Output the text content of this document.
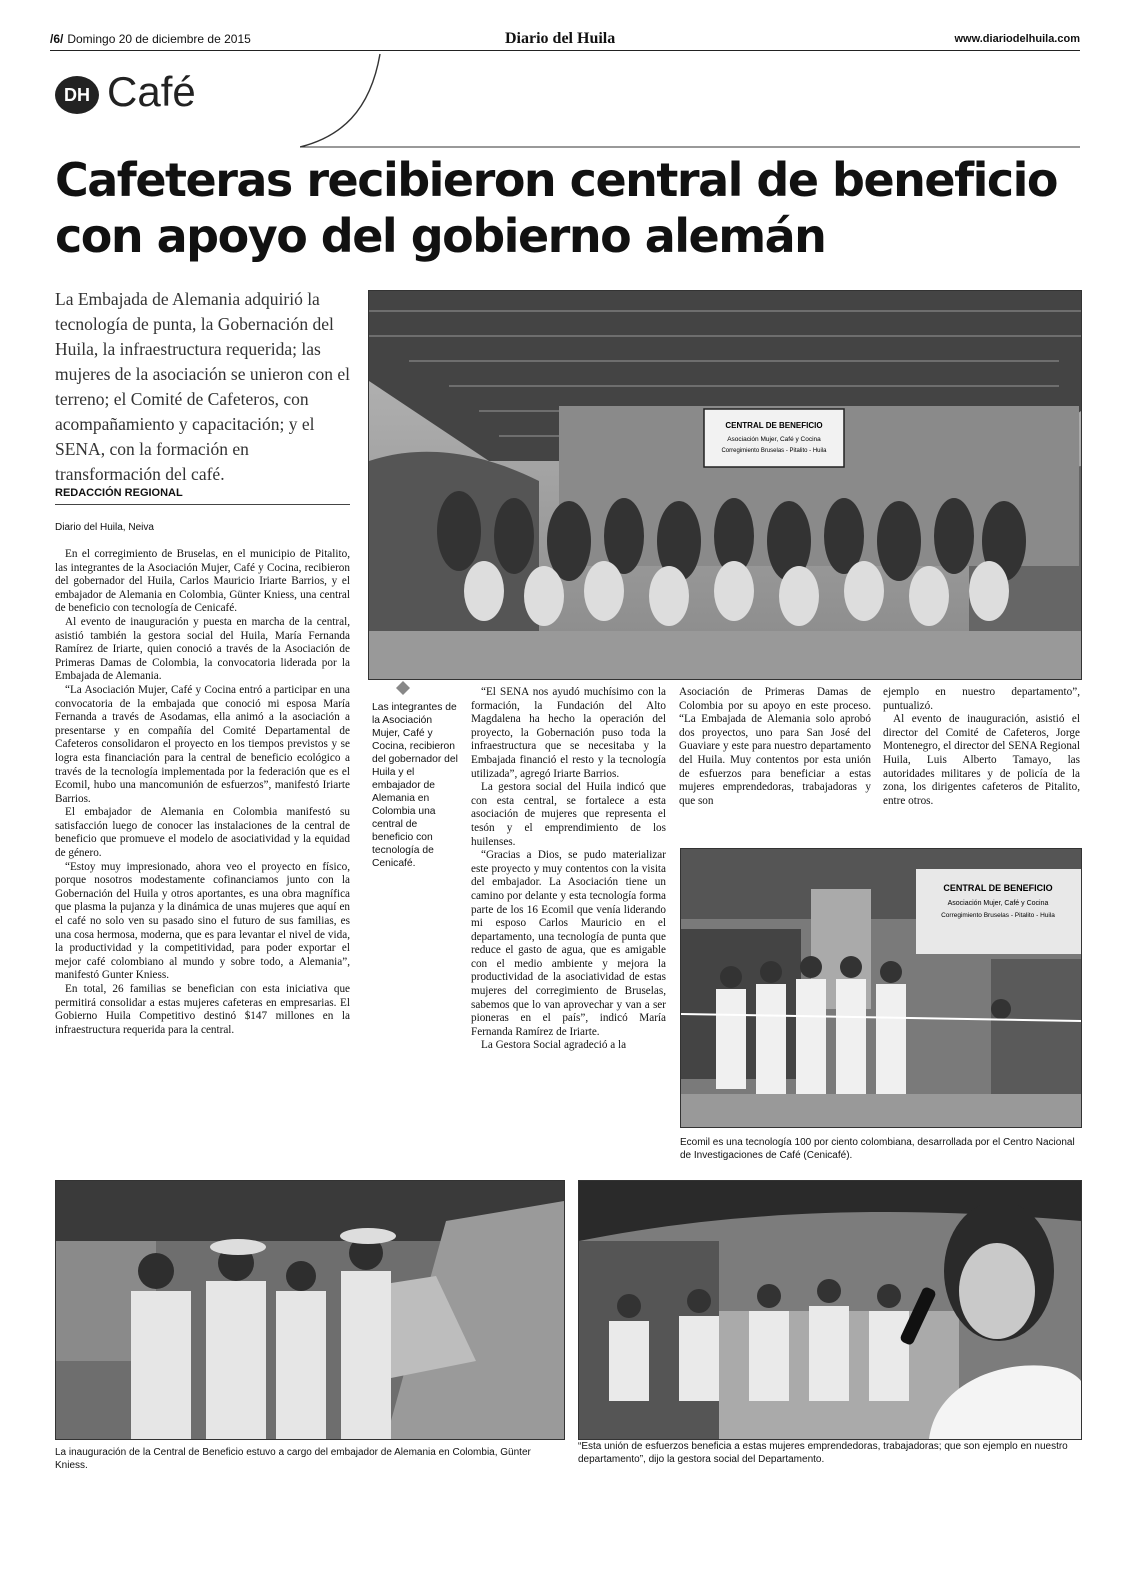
/6/ Domingo 20 de diciembre de 2015	Diario del Huila	www.diariodelhuila.com
DH Café
Cafeteras recibieron central de beneficio con apoyo del gobierno alemán
La Embajada de Alemania adquirió la tecnología de punta, la Gobernación del Huila, la infraestructura requerida; las mujeres de la asociación se unieron con el terreno; el Comité de Cafeteros, con acompañamiento y capacitación; y el SENA, con la formación en transformación del café.
REDACCIÓN REGIONAL
Diario del Huila, Neiva
CENTRAL DE BENEFICIO
Asociación Mujer, Café y Cocina
Corregimiento Bruselas - Pitalito - Huila

En el corregimiento de Bruselas, en el municipio de Pitalito, las integrantes de la Asociación Mujer, Café y Cocina, recibieron del gobernador del Huila, Carlos Mauricio Iriarte Barrios, y el embajador de Alemania en Colombia, Günter Kniess, una central de beneficio con tecnología de Cenicafé.

Al evento de inauguración y puesta en marcha de la central, asistió también la gestora social del Huila, María Fernanda Ramírez de Iriarte, quien conoció a través de la Asociación de Primeras Damas de Colombia, la convocatoria liderada por la Embajada de Alemania.

“La Asociación Mujer, Café y Cocina entró a participar en una convocatoria de la embajada que conoció mi esposa María Fernanda a través de Asodamas, ella animó a la asociación a presentarse y en compañía del Comité Departamental de Cafeteros consolidaron el proyecto en los tiempos previstos y se logra esta financiación para la central de beneficio ecológico a través de la tecnología implementada por la federación que es el Ecomil, hubo una mancomunión de esfuerzos”, manifestó Iriarte Barrios.

El embajador de Alemania en Colombia manifestó su satisfacción luego de conocer las instalaciones de la central de beneficio que promueve el modelo de asociatividad y la equidad de género.

“Estoy muy impresionado, ahora veo el proyecto en físico, porque nosotros modestamente cofinanciamos junto con la Gobernación del Huila y otros aportantes, es una obra magnífica que plasma la pujanza y la dinámica de unas mujeres que aquí en el café no solo ven su pasado sino el futuro de sus familias, es una cosa hermosa, moderna, que es para levantar el nivel de vida, la productividad y la competitividad, para poder exportar el mejor café colombiano al mundo y sobre todo, a Alemania”, manifestó Gunter Kniess.

En total, 26 familias se benefician con esta iniciativa que permitirá consolidar a estas mujeres cafeteras en empresarias. El Gobierno Huila Competitivo destinó $147 millones en la infraestructura requerida para la central.

Las integrantes de la Asociación Mujer, Café y Cocina, recibieron del gobernador del Huila y el embajador de Alemania en Colombia una central de beneficio con tecnología de Cenicafé.

“El SENA nos ayudó muchísimo con la formación, la Fundación del Alto Magdalena ha hecho la operación del proyecto, la Gobernación puso toda la infraestructura que se necesitaba y la Embajada financió el resto y la tecnología utilizada”, agregó Iriarte Barrios.

La gestora social del Huila indicó que con esta central, se fortalece a esta asociación de mujeres que representa el tesón y el emprendimiento de los huilenses.

“Gracias a Dios, se pudo materializar este proyecto y muy contentos con la visita del embajador. La Asociación tiene un camino por delante y esta tecnología forma parte de los 16 Ecomil que venía liderando mi esposo Carlos Mauricio en el departamento, una tecnología de punta que reduce el gasto de agua, que es amigable con el medio ambiente y mejora la productividad de la asociatividad de estas mujeres del corregimiento de Bruselas, sabemos que lo van aprovechar y van a ser pioneras en el país”, indicó María Fernanda Ramírez de Iriarte.

La Gestora Social agradeció a la

Asociación de Primeras Damas de Colombia por su apoyo en este proceso. “La Embajada de Alemania solo aprobó dos proyectos, uno para San José del Guaviare y este para nuestro departamento del Huila. Muy contentos por esta unión de esfuerzos para beneficiar a estas mujeres emprendedoras, trabajadoras y que son

ejemplo en nuestro departamento”, puntualizó.

Al evento de inauguración, asistió el director del Comité de Cafeteros, Jorge Montenegro, el director del SENA Regional Huila, Luis Alberto Tamayo, las autoridades militares y de policía de la zona, los dirigentes cafeteros de Pitalito, entre otros.

CENTRAL DE BENEFICIO
Asociación Mujer, Café y Cocina
Corregimiento Bruselas - Pitalito - Huila
Ecomil es una tecnología 100 por ciento colombiana, desarrollada por el Centro Nacional de Investigaciones de Café (Cenicafé).
La inauguración de la Central de Beneficio estuvo a cargo del embajador de Alemania en Colombia, Günter Kniess.
“Esta unión de esfuerzos beneficia a estas mujeres emprendedoras, trabajadoras; que son ejemplo en nuestro departamento”, dijo la gestora social del Departamento.
